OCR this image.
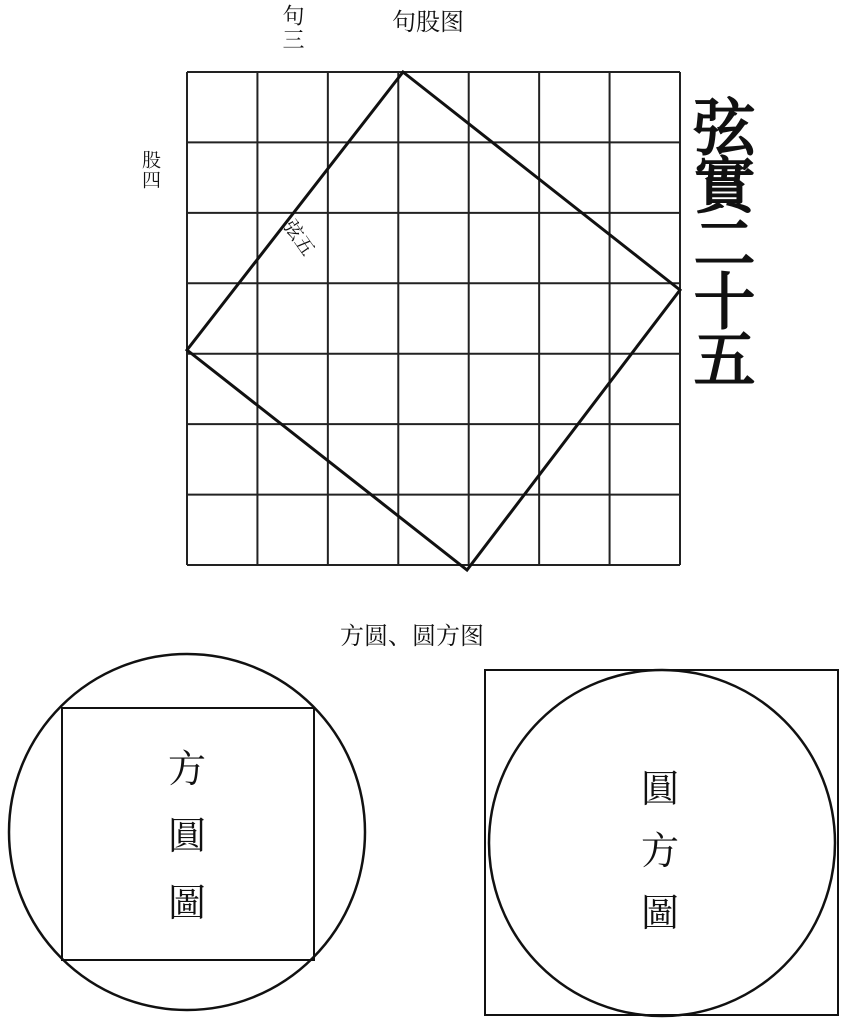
句股图
句三
股四	弦實二十五
弦五
方圆、圆方图
方圓圖
圓方圖
